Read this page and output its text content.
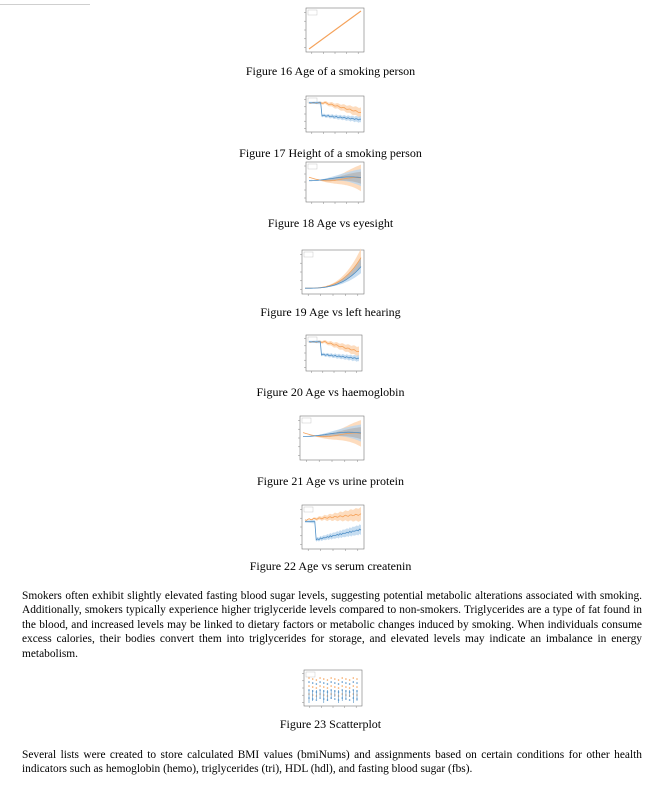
Figure 16 Age of a smoking person
Figure 17 Height of a smoking person
Figure 18 Age vs eyesight
Figure 19 Age vs left hearing
Figure 20 Age vs haemoglobin
Figure 21 Age vs urine protein
Figure 22 Age vs serum createnin

Smokers often exhibit slightly elevated fasting blood sugar levels, suggesting potential metabolic alterations associated with smoking. Additionally, smokers typically experience higher triglyceride levels compared to non-smokers. Triglycerides are a type of fat found in the blood, and increased levels may be linked to dietary factors or metabolic changes induced by smoking. When individuals consume excess calories, their bodies convert them into triglycerides for storage, and elevated levels may indicate an imbalance in energy metabolism.

Figure 23 Scatterplot

Several lists were created to store calculated BMI values (bmiNums) and assignments based on certain conditions for other health indicators such as hemoglobin (hemo), triglycerides (tri), HDL (hdl), and fasting blood sugar (fbs).
